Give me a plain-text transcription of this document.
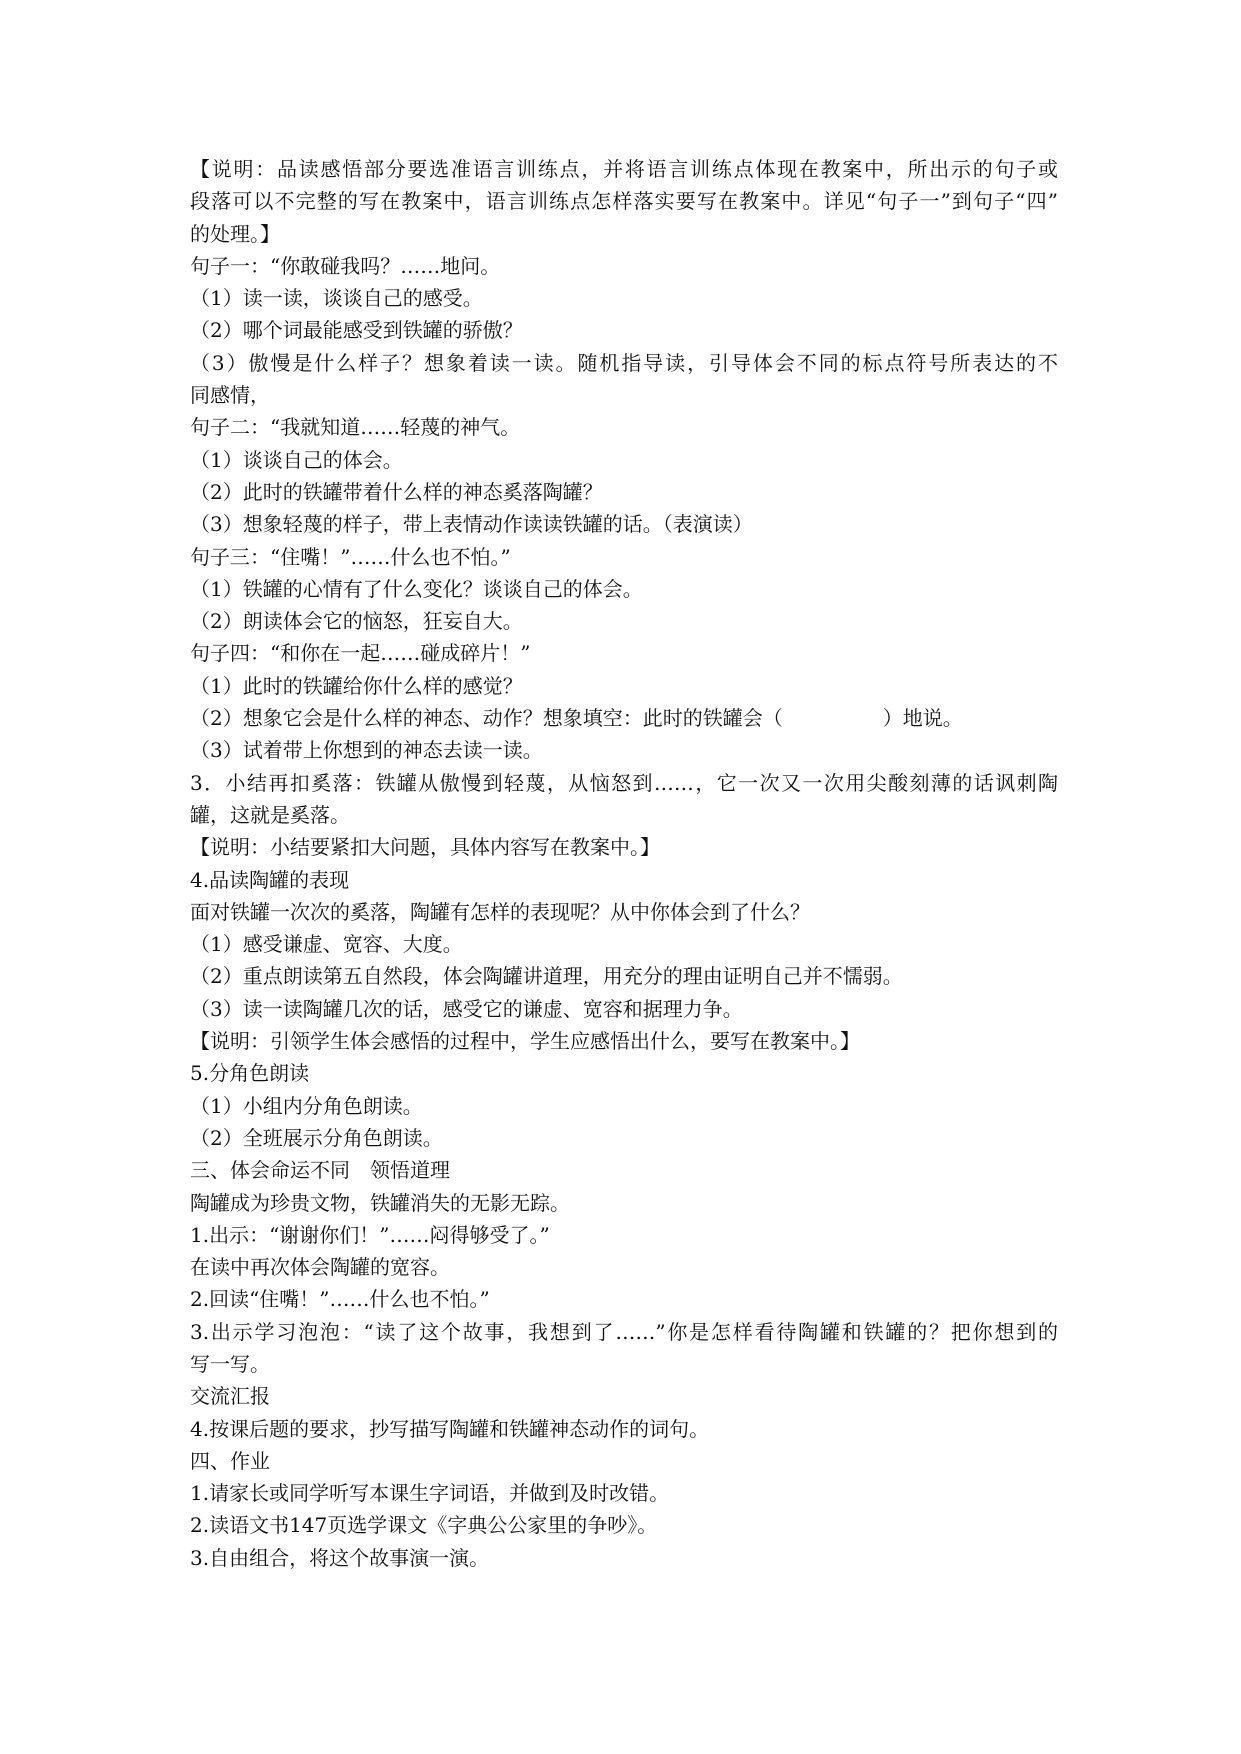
【说明：品读感悟部分要选准语言训练点，并将语言训练点体现在教案中，所出示的句子或

段落可以不完整的写在教案中，语言训练点怎样落实要写在教案中。详见“句子一”到句子“四”

的处理。】

句子一：“你敢碰我吗？……地问。

（1）读一读，谈谈自己的感受。

（2）哪个词最能感受到铁罐的骄傲？

（3）傲慢是什么样子？想象着读一读。随机指导读，引导体会不同的标点符号所表达的不

同感情，

句子二：“我就知道……轻蔑的神气。

（1）谈谈自己的体会。

（2）此时的铁罐带着什么样的神态奚落陶罐？

（3）想象轻蔑的样子，带上表情动作读读铁罐的话。（表演读）

句子三：“住嘴！”……什么也不怕。”

（1）铁罐的心情有了什么变化？谈谈自己的体会。

（2）朗读体会它的恼怒，狂妄自大。

句子四：“和你在一起……碰成碎片！”

（1）此时的铁罐给你什么样的感觉？

（2）想象它会是什么样的神态、动作？想象填空：此时的铁罐会（　　　　　）地说。

（3）试着带上你想到的神态去读一读。

3．小结再扣奚落：铁罐从傲慢到轻蔑，从恼怒到……，它一次又一次用尖酸刻薄的话讽刺陶

罐，这就是奚落。

【说明：小结要紧扣大问题，具体内容写在教案中。】

4.品读陶罐的表现

面对铁罐一次次的奚落，陶罐有怎样的表现呢？从中你体会到了什么？

（1）感受谦虚、宽容、大度。

（2）重点朗读第五自然段，体会陶罐讲道理，用充分的理由证明自己并不懦弱。

（3）读一读陶罐几次的话，感受它的谦虚、宽容和据理力争。

【说明：引领学生体会感悟的过程中，学生应感悟出什么，要写在教案中。】

5.分角色朗读

（1）小组内分角色朗读。

（2）全班展示分角色朗读。

三、体会命运不同　领悟道理

陶罐成为珍贵文物，铁罐消失的无影无踪。

1.出示：“谢谢你们！”……闷得够受了。”

在读中再次体会陶罐的宽容。

2.回读“住嘴！”……什么也不怕。”

3.出示学习泡泡：“读了这个故事，我想到了……”你是怎样看待陶罐和铁罐的？把你想到的

写一写。

交流汇报

4.按课后题的要求，抄写描写陶罐和铁罐神态动作的词句。

四、作业

1.请家长或同学听写本课生字词语，并做到及时改错。

2.读语文书147页选学课文《字典公公家里的争吵》。

3.自由组合，将这个故事演一演。
